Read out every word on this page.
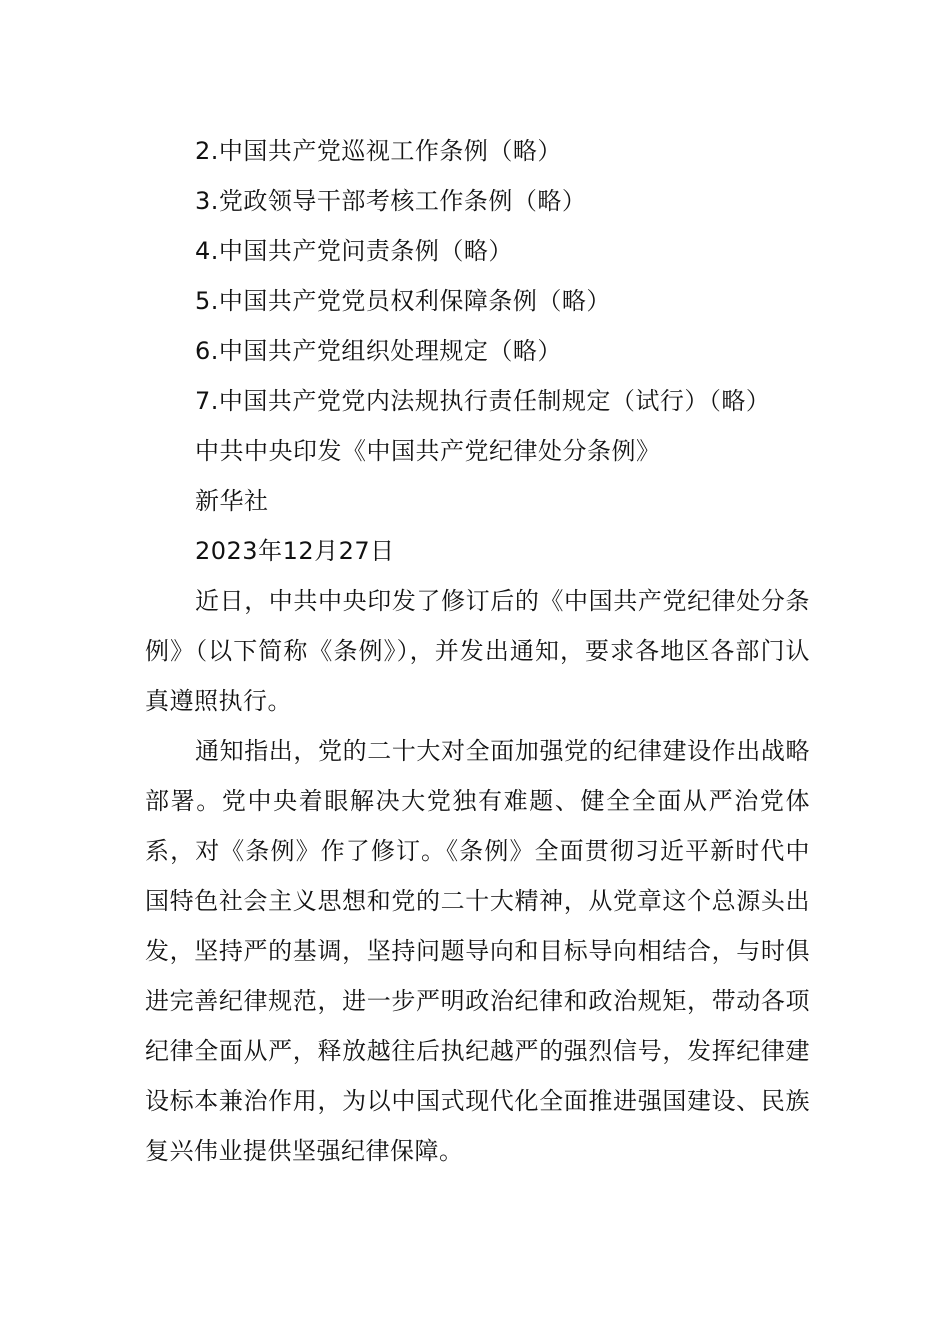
2.中国共产党巡视工作条例（略）
3.党政领导干部考核工作条例（略）
4.中国共产党问责条例（略）
5.中国共产党党员权利保障条例（略）
6.中国共产党组织处理规定（略）
7.中国共产党党内法规执行责任制规定（试行）（略）
中共中央印发《中国共产党纪律处分条例》
新华社
2023年12月27日

近日，中共中央印发了修订后的《中国共产党纪律处分条例》（以下简称《条例》），并发出通知，要求各地区各部门认真遵照执行。

通知指出，党的二十大对全面加强党的纪律建设作出战略部署。党中央着眼解决大党独有难题、健全全面从严治党体系，对《条例》作了修订。《条例》全面贯彻习近平新时代中国特色社会主义思想和党的二十大精神，从党章这个总源头出发，坚持严的基调，坚持问题导向和目标导向相结合，与时俱进完善纪律规范，进一步严明政治纪律和政治规矩，带动各项纪律全面从严，释放越往后执纪越严的强烈信号，发挥纪律建设标本兼治作用，为以中国式现代化全面推进强国建设、民族复兴伟业提供坚强纪律保障。
